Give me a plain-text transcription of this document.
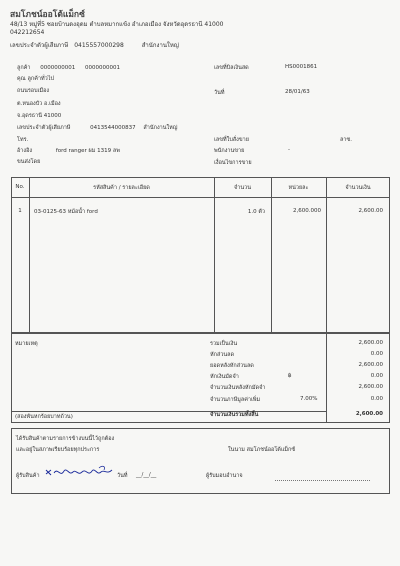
สมโภชน์ออโต้แม็กซ์
48/13 หมู่ที่5 ซอยบ้านดงอุดม ตำบลหมากแข้ง อำเภอเมือง จังหวัดอุดรธานี 41000
042212654
เลขประจำตัวผู้เสียภาษี 0415557000298	สำนักงานใหญ่
ลูกค้า 0000000001 0000000001
คุณ ลูกค้าทั่วไป
ถนนรอบเมือง
ต.หนองบัว อ.เมือง
จ.อุดรธานี 41000
เลขประจำตัวผู้เสียภาษี	0413544000837 สำนักงานใหญ่
โทร.
อ้างอิง	ford ranger ผม 1319 ลพ
ขนส่งโดย
เลขที่บิลเงินสด	HS0001861
วันที่	28/01/63
เลขที่ใบสั่งขาย	ลาซ.
พนักงานขาย	-
เงื่อนไขการขาย
No.	รหัสสินค้า / รายละเอียด	จำนวน	หน่วยละ	จำนวนเงิน
1	03-0125-63 หม้อน้ำ ford	1.0 ตัว	2,600.000	2,600.00
หมายเหตุ
(สองพันหกร้อยบาทถ้วน)
รวมเป็นเงิน	2,600.00
หักส่วนลด	0.00
ยอดหลังหักส่วนลด	2,600.00
หักเงินมัดจำ	฿	0.00
จำนวนเงินหลังหักมัดจำ	2,600.00
จำนวนภาษีมูลค่าเพิ่ม	7.00%	0.00
จำนวนเงินรวมทั้งสิ้น	2,600.00
ได้รับสินค้าตามรายการข้างบนนี้ไว้ถูกต้อง
และอยู่ในสภาพเรียบร้อยทุกประการ	ในนาม สมโภชน์ออโต้แม็กซ์
ผู้รับสินค้า	วันที่ __/__/__	ผู้รับมอบอำนาจ
